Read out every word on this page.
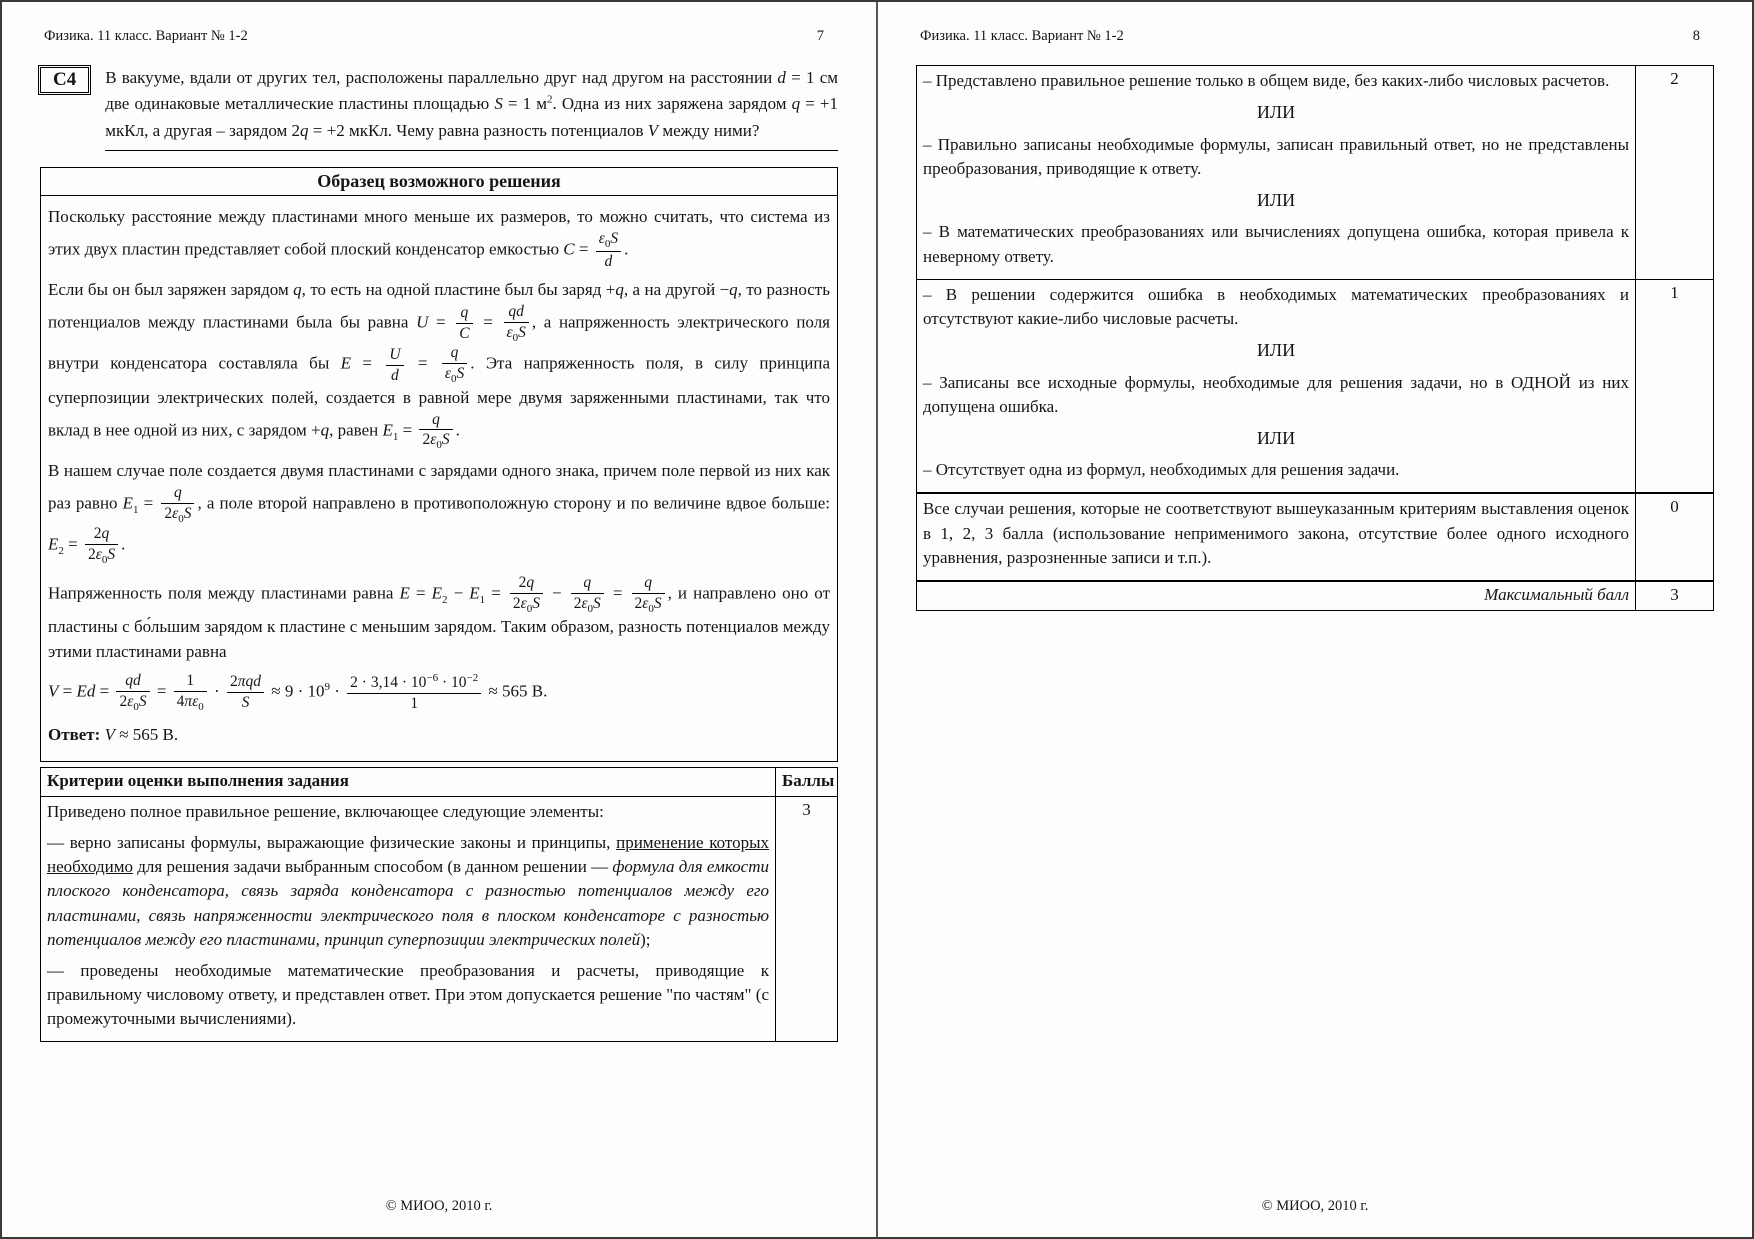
Физика. 11 класс. Вариант № 1-2	7
С4	В вакууме, вдали от других тел, расположены параллельно друг над другом на расстоянии d = 1 см две одинаковые металлические пластины площадью S = 1 $м^2$. Одна из них заряжена зарядом q = +1 мкКл, а другая – зарядом 2q = +2 мкКл. Чему равна разность потенциалов V между ними?
Образец возможного решения
Поскольку расстояние между пластинами много меньше их размеров, то можно считать, что система из этих двух пластин представляет собой плоский конденсатор емкостью $C = \frac{\varepsilon_0S}{d}$ .
Если бы он был заряжен зарядом q, то есть на одной пластине был бы заряд +q, а на другой −q, то разность потенциалов между пластинами была бы равна $U = \frac{q}{C} = \frac{qd}{\varepsilon_0S}$ , а напряженность электрического поля внутри конденсатора составляла бы $E = \frac{U}{d} = \frac{q}{\varepsilon_0S}$ . Эта напряженность поля, в силу принципа суперпозиции электрических полей, создается в равной мере двумя заряженными пластинами, так что вклад в нее одной из них, с зарядом +q, равен $E_1 = \frac{q}{2\varepsilon_0S}$ .
В нашем случае поле создается двумя пластинами с зарядами одного знака, причем поле первой из них как раз равно $E_1 = \frac{q}{2\varepsilon_0S}$ , а поле второй направлено в противоположную сторону и по величине вдвое больше: $E_2 = \frac{2q}{2\varepsilon_0S}$ .
Напряженность поля между пластинами равна $E = E_2 - E_1 = \frac{2q}{2\varepsilon_0S} - \frac{q}{2\varepsilon_0S} = \frac{q}{2\varepsilon_0S}$ , и направлено оно от пластины с бо́льшим зарядом к пластине с меньшим зарядом. Таким образом, разность потенциалов между этими пластинами равна
$V = Ed = \frac{qd}{2\varepsilon_0S} = \frac{1}{4\pi\varepsilon_0} \cdot \frac{\text{2πqd}}{S} \approx 9 \cdot 10^9 \cdot \frac{2 \cdot 3,14 \cdot 10^{-6} \cdot 10^{-2}}{1} \approx 565$ В.
Ответ: V ≈ 565 В.
Критерии оценки выполнения задания	Баллы

Приведено полное правильное решение, включающее следующие элементы:
— верно записаны формулы, выражающие физические законы и принципы, применение которых необходимо для решения задачи выбранным способом (в данном решении — формула для емкости плоского конденсатора, связь заряда конденсатора с разностью потенциалов между его пластинами, связь напряженности электрического поля в плоском конденсаторе с разностью потенциалов между его пластинами, принцип суперпозиции электрических полей);
— проведены необходимые математические преобразования и расчеты, приводящие к правильному числовому ответу, и представлен ответ. При этом допускается решение "по частям" (с промежуточными вычислениями).	3
© МИОО, 2010 г.
Физика. 11 класс. Вариант № 1-2	8
– Представлено правильное решение только в общем виде, без каких-либо числовых расчетов.
ИЛИ
– Правильно записаны необходимые формулы, записан правильный ответ, но не представлены преобразования, приводящие к ответу.
ИЛИ
– В математических преобразованиях или вычислениях допущена ошибка, которая привела к неверному ответу.	2

– В решении содержится ошибка в необходимых математических преобразованиях и отсутствуют какие-либо числовые расчеты.
ИЛИ
– Записаны все исходные формулы, необходимые для решения задачи, но в ОДНОЙ из них допущена ошибка.
ИЛИ
– Отсутствует одна из формул, необходимых для решения задачи.	1

Все случаи решения, которые не соответствуют вышеуказанным критериям выставления оценок в 1, 2, 3 балла (использование неприменимого закона, отсутствие более одного исходного уравнения, разрозненные записи и т.п.).	0
Максимальный балл	3
© МИОО, 2010 г.
